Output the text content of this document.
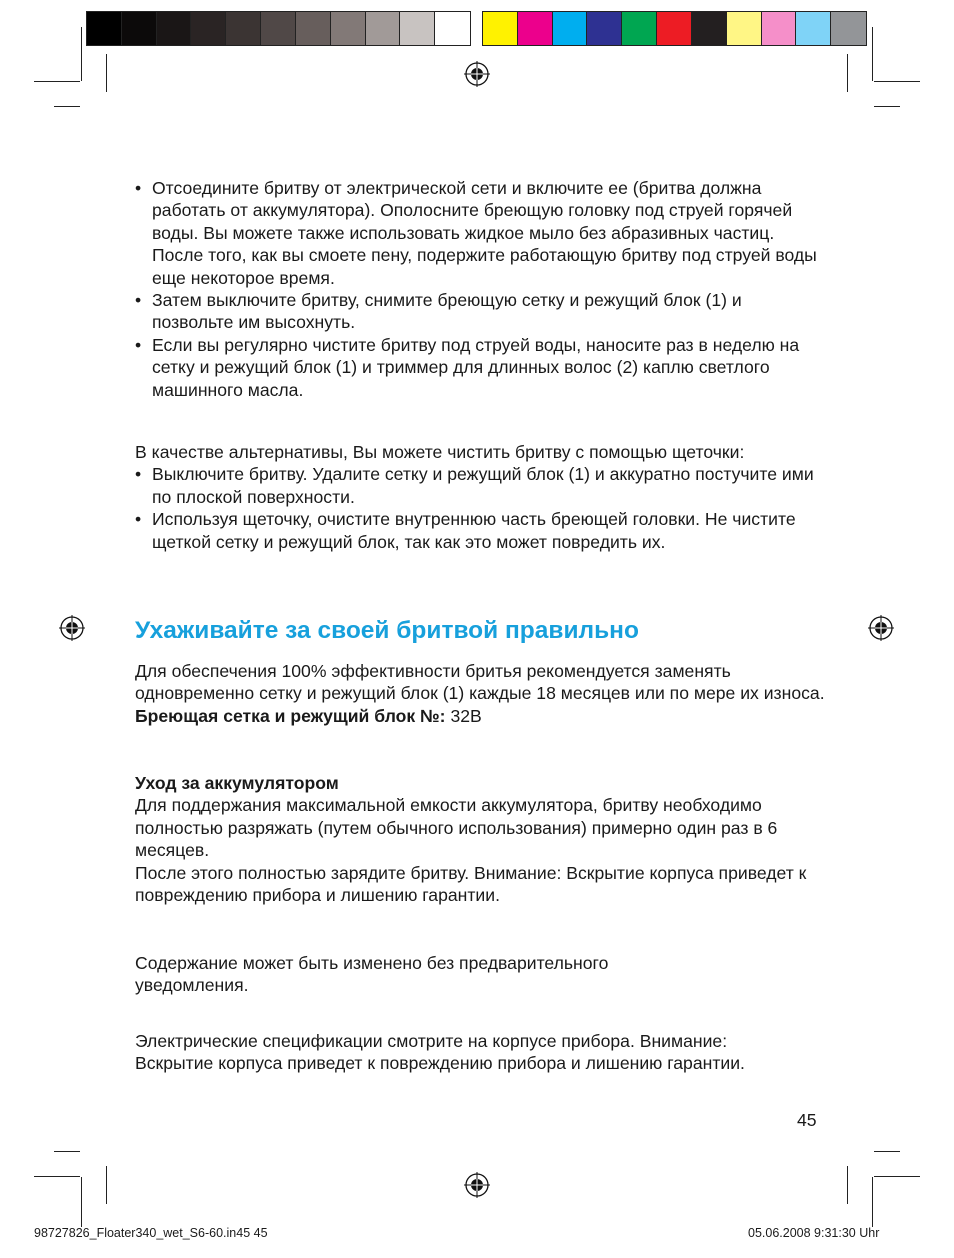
• Отсоедините бритву от электрической сети и включите ее (бритва должна работать от аккумулятора). Ополосните бреющую головку под струей горячей воды. Вы можете также использовать жидкое мыло без абразивных частиц. После того, как вы смоете пену, подержите работающую бритву под струей воды еще некоторое время.

• Затем выключите бритву, снимите бреющую сетку и режущий блок (1) и позвольте им высохнуть.

• Если вы регулярно чистите бритву под струей воды, наносите раз в неделю на сетку и режущий блок (1) и триммер для длинных волос (2) каплю светлого машинного масла.

В качестве альтернативы, Вы можете чистить бритву с помощью щеточки:

• Выключите бритву. Удалите сетку и режущий блок (1) и аккуратно постучите ими по плоской поверхности.

• Используя щеточку, очистите внутреннюю часть бреющей головки. Не чистите щеткой сетку и режущий блок, так как это может повредить их.

Ухаживайте за своей бритвой правильно

Для обеспечения 100% эффективности бритья рекомендуется заменять одновременно сетку и режущий блок (1) каждые 18 месяцев или по мере их износа.

Бреющая сетка и режущий блок №: 32B

Уход за аккумулятором

Для поддержания максимальной емкости аккумулятора, бритву необходимо полностью разряжать (путем обычного использования) примерно один раз в 6 месяцев.

После этого полностью зарядите бритву. Внимание: Вскрытие корпуса приведет к повреждению прибора и лишению гарантии.

Содержание может быть изменено без предварительного уведомления.

Электрические спецификации смотрите на корпусе прибора. Внимание: Вскрытие корпуса приведет к повреждению прибора и лишению гарантии.

45
98727826_Floater340_wet_S6-60.in45 45	05.06.2008 9:31:30 Uhr
